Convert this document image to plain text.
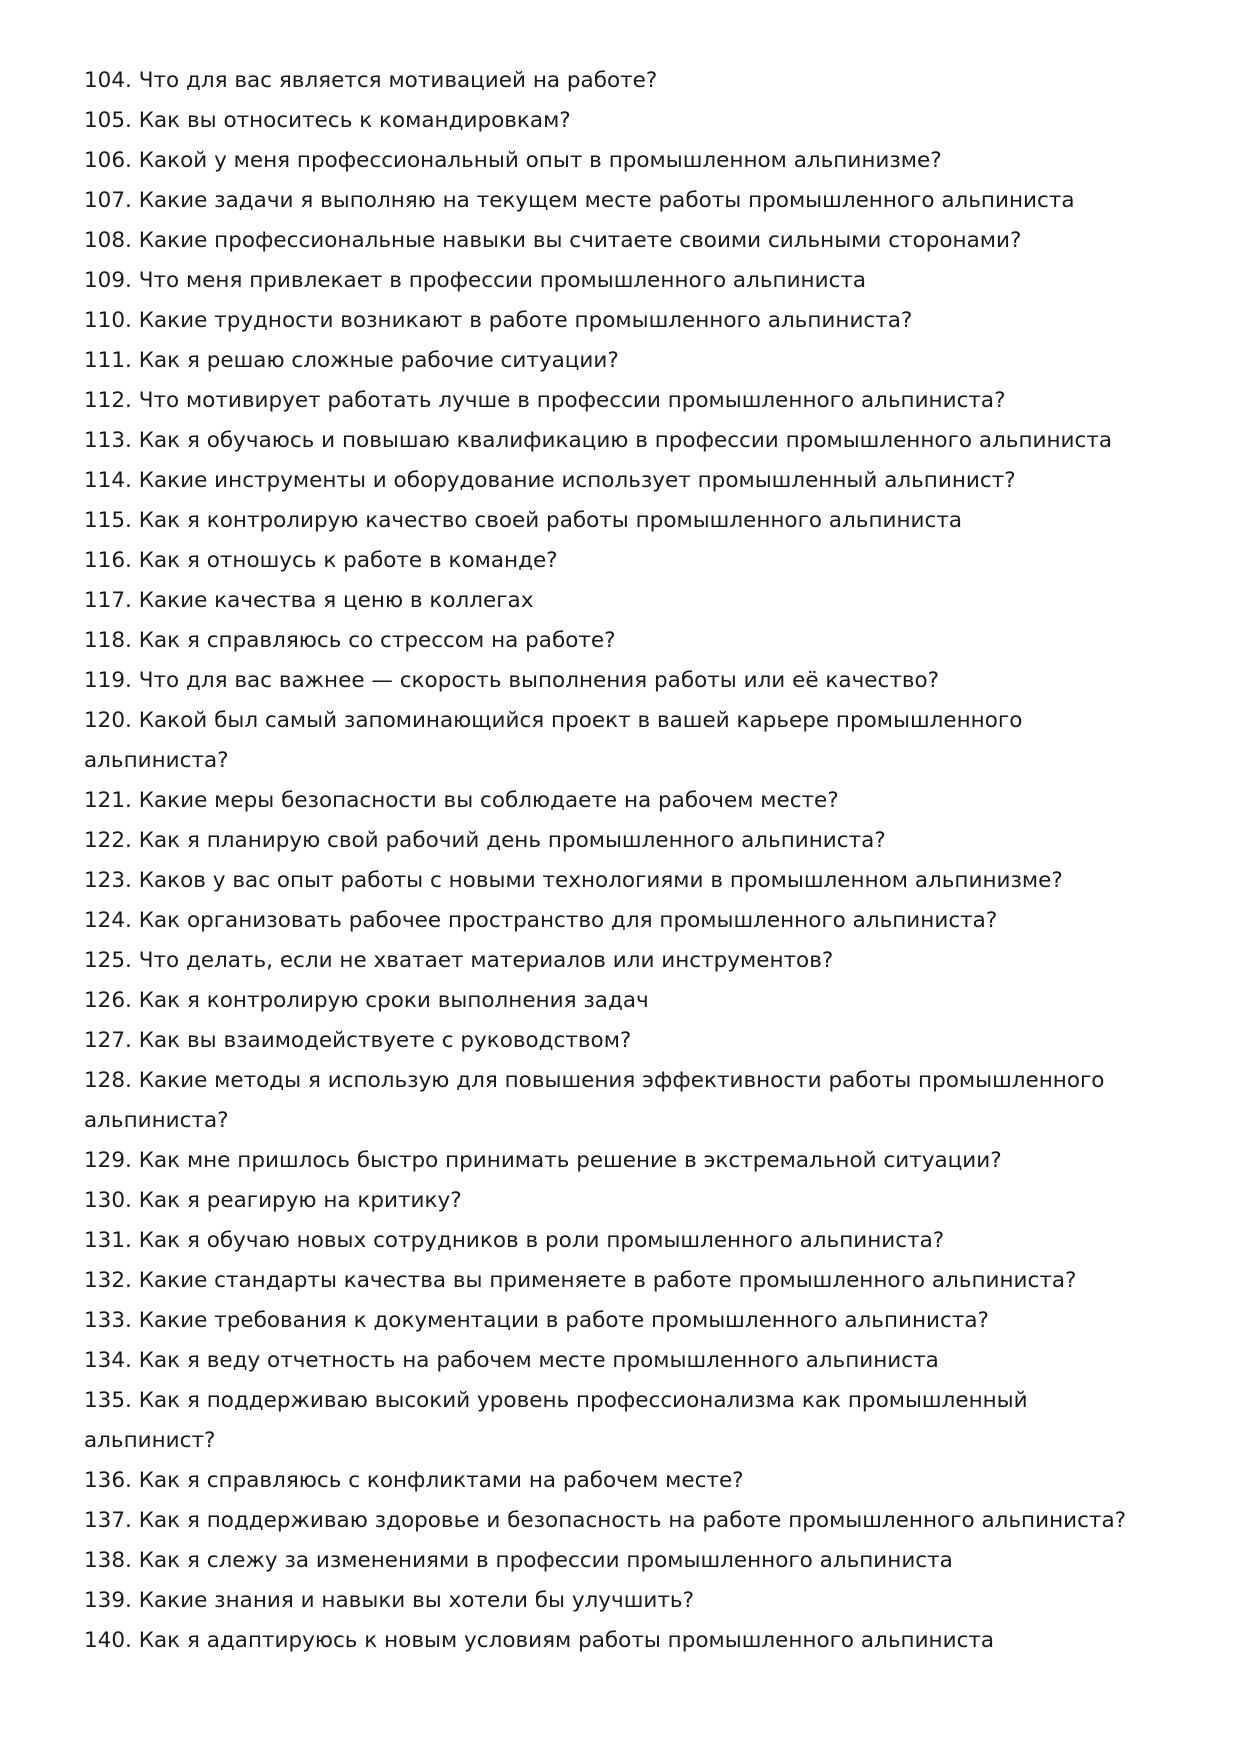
104. Что для вас является мотивацией на работе?
105. Как вы относитесь к командировкам?
106. Какой у меня профессиональный опыт в промышленном альпинизме?
107. Какие задачи я выполняю на текущем месте работы промышленного альпиниста
108. Какие профессиональные навыки вы считаете своими сильными сторонами?
109. Что меня привлекает в профессии промышленного альпиниста
110. Какие трудности возникают в работе промышленного альпиниста?
111. Как я решаю сложные рабочие ситуации?
112. Что мотивирует работать лучше в профессии промышленного альпиниста?
113. Как я обучаюсь и повышаю квалификацию в профессии промышленного альпиниста
114. Какие инструменты и оборудование использует промышленный альпинист?
115. Как я контролирую качество своей работы промышленного альпиниста
116. Как я отношусь к работе в команде?
117. Какие качества я ценю в коллегах
118. Как я справляюсь со стрессом на работе?
119. Что для вас важнее — скорость выполнения работы или её качество?
120. Какой был самый запоминающийся проект в вашей карьере промышленного альпиниста?
121. Какие меры безопасности вы соблюдаете на рабочем месте?
122. Как я планирую свой рабочий день промышленного альпиниста?
123. Каков у вас опыт работы с новыми технологиями в промышленном альпинизме?
124. Как организовать рабочее пространство для промышленного альпиниста?
125. Что делать, если не хватает материалов или инструментов?
126. Как я контролирую сроки выполнения задач
127. Как вы взаимодействуете с руководством?
128. Какие методы я использую для повышения эффективности работы промышленного альпиниста?
129. Как мне пришлось быстро принимать решение в экстремальной ситуации?
130. Как я реагирую на критику?
131. Как я обучаю новых сотрудников в роли промышленного альпиниста?
132. Какие стандарты качества вы применяете в работе промышленного альпиниста?
133. Какие требования к документации в работе промышленного альпиниста?
134. Как я веду отчетность на рабочем месте промышленного альпиниста
135. Как я поддерживаю высокий уровень профессионализма как промышленный альпинист?
136. Как я справляюсь с конфликтами на рабочем месте?
137. Как я поддерживаю здоровье и безопасность на работе промышленного альпиниста?
138. Как я слежу за изменениями в профессии промышленного альпиниста
139. Какие знания и навыки вы хотели бы улучшить?
140. Как я адаптируюсь к новым условиям работы промышленного альпиниста
